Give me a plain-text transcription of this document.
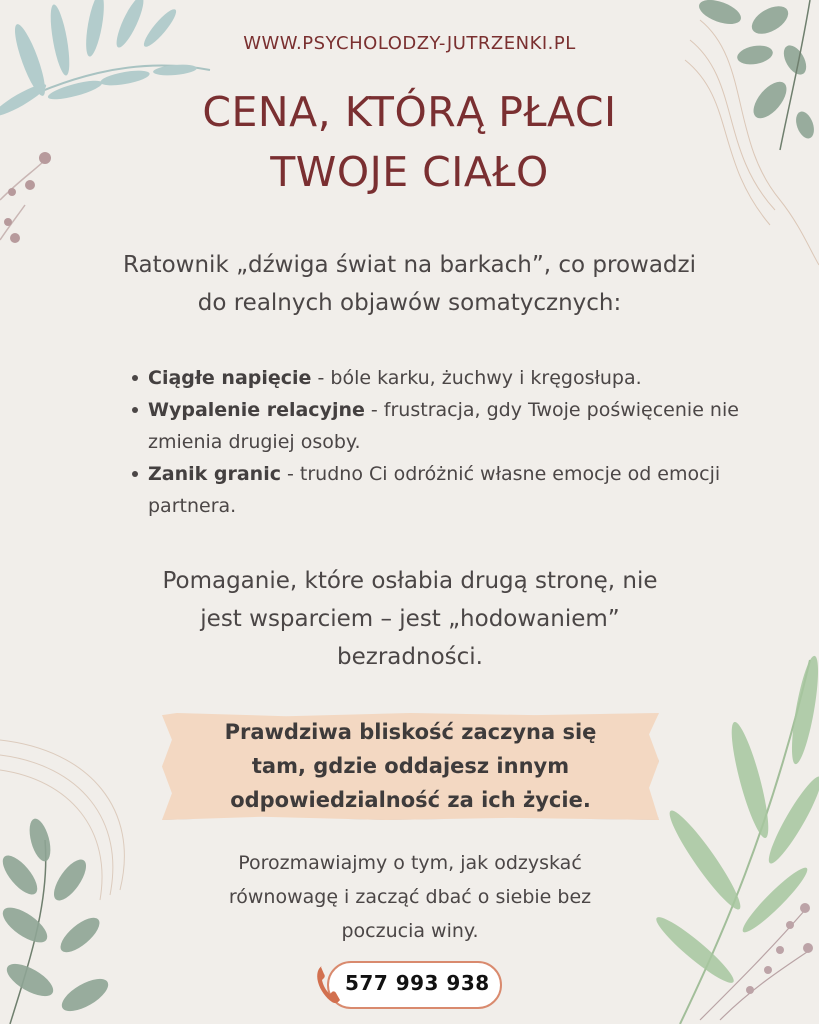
WWW.PSYCHOLODZY-JUTRZENKI.PL
CENA, KTÓRĄ PŁACI
TWOJE CIAŁO
Ratownik „dźwiga świat na barkach”, co prowadzi
do realnych objawów somatycznych:
Ciągłe napięcie - bóle karku, żuchwy i kręgosłupa.
Wypalenie relacyjne - frustracja, gdy Twoje poświęcenie nie zmienia drugiej osoby.
Zanik granic - trudno Ci odróżnić własne emocje od emocji partnera.
Pomaganie, które osłabia drugą stronę, nie
jest wsparciem – jest „hodowaniem”
bezradności.
Prawdziwa bliskość zaczyna się
tam, gdzie oddajesz innym
odpowiedzialność za ich życie.
Porozmawiajmy o tym, jak odzyskać
równowagę i zacząć dbać o siebie bez
poczucia winy.
577 993 938
